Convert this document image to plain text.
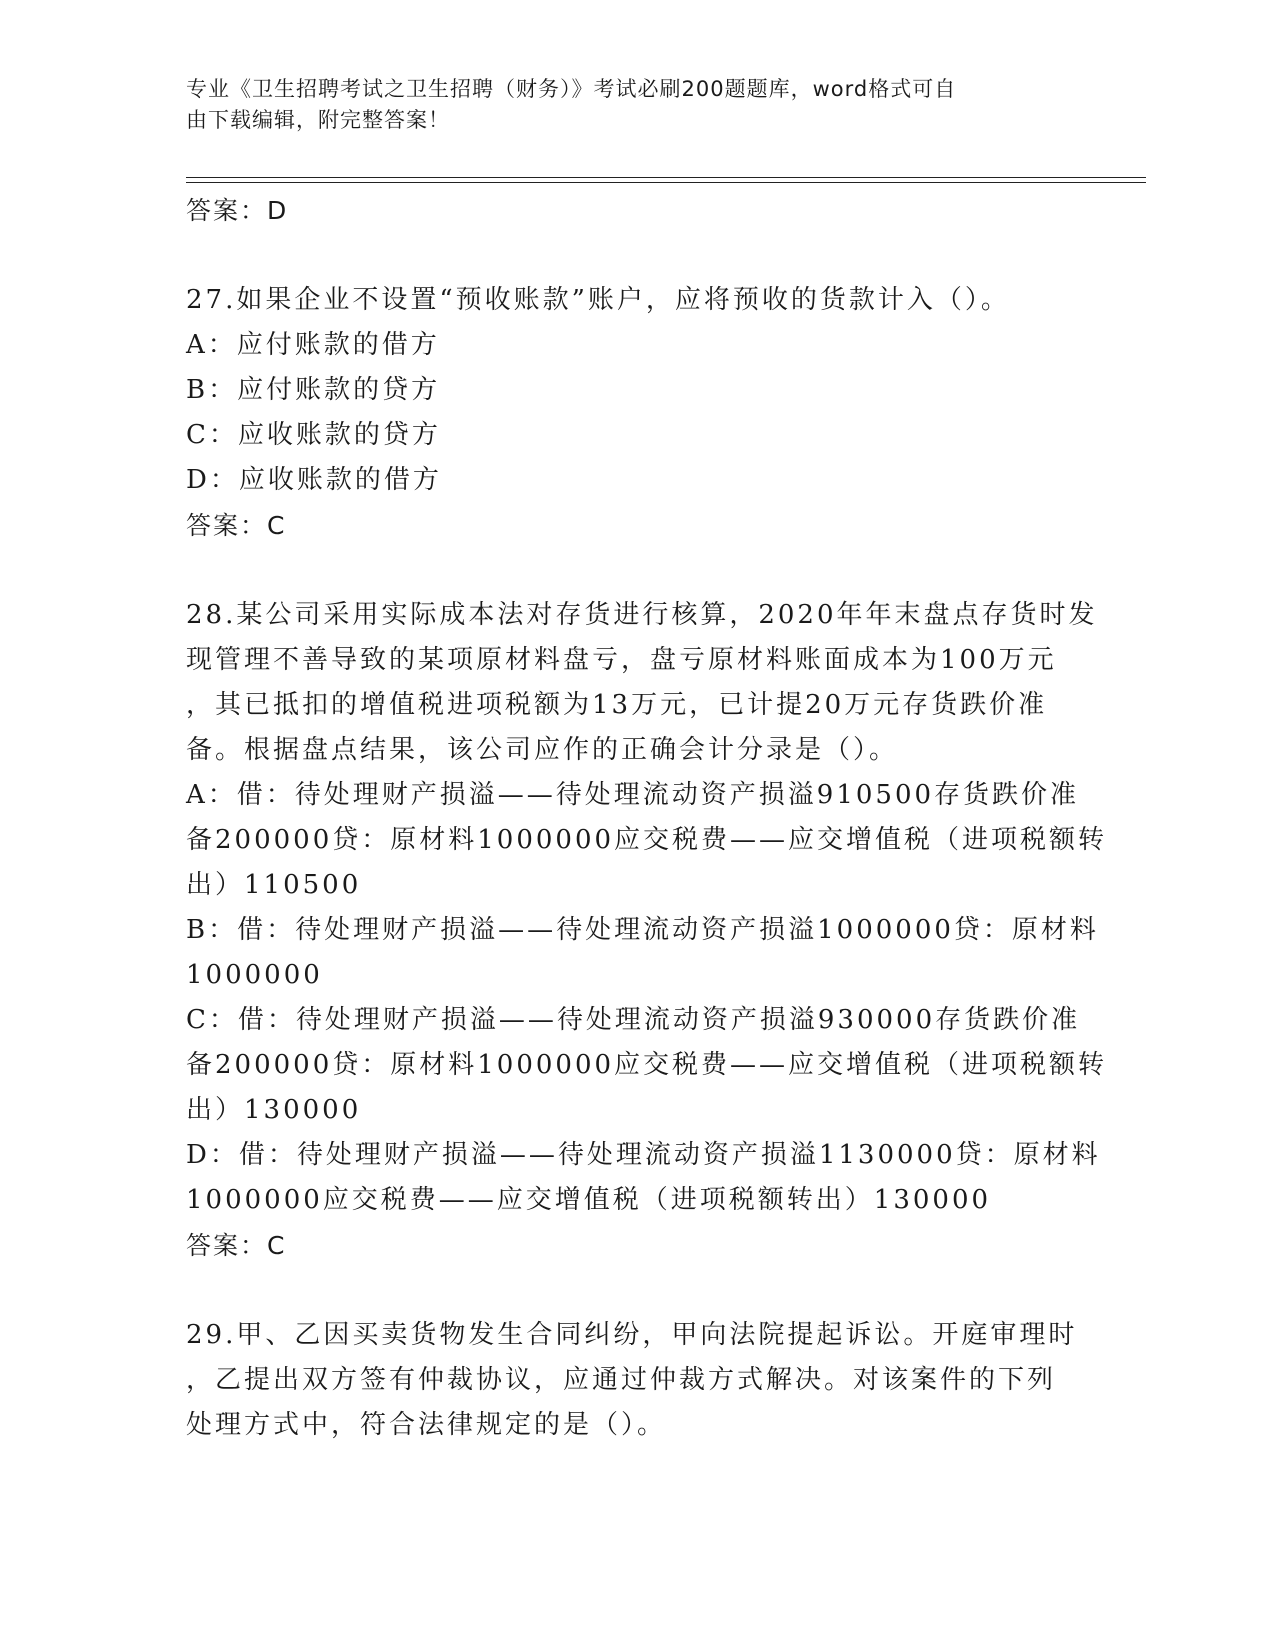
专业《卫生招聘考试之卫生招聘（财务）》考试必刷200题题库，word格式可自
由下载编辑，附完整答案！

答案：D

27.如果企业不设置“预收账款”账户，应将预收的货款计入（）。

A：应付账款的借方

B：应付账款的贷方

C：应收账款的贷方

D：应收账款的借方

答案：C

28.某公司采用实际成本法对存货进行核算，2020年年末盘点存货时发

现管理不善导致的某项原材料盘亏，盘亏原材料账面成本为100万元

，其已抵扣的增值税进项税额为13万元，已计提20万元存货跌价准

备。根据盘点结果，该公司应作的正确会计分录是（）。

A：借：待处理财产损溢——待处理流动资产损溢910500存货跌价准

备200000贷：原材料1000000应交税费——应交增值税（进项税额转

出）110500

B：借：待处理财产损溢——待处理流动资产损溢1000000贷：原材料

1000000

C：借：待处理财产损溢——待处理流动资产损溢930000存货跌价准

备200000贷：原材料1000000应交税费——应交增值税（进项税额转

出）130000

D：借：待处理财产损溢——待处理流动资产损溢1130000贷：原材料

1000000应交税费——应交增值税（进项税额转出）130000

答案：C

29.甲、乙因买卖货物发生合同纠纷，甲向法院提起诉讼。开庭审理时

，乙提出双方签有仲裁协议，应通过仲裁方式解决。对该案件的下列

处理方式中，符合法律规定的是（）。
